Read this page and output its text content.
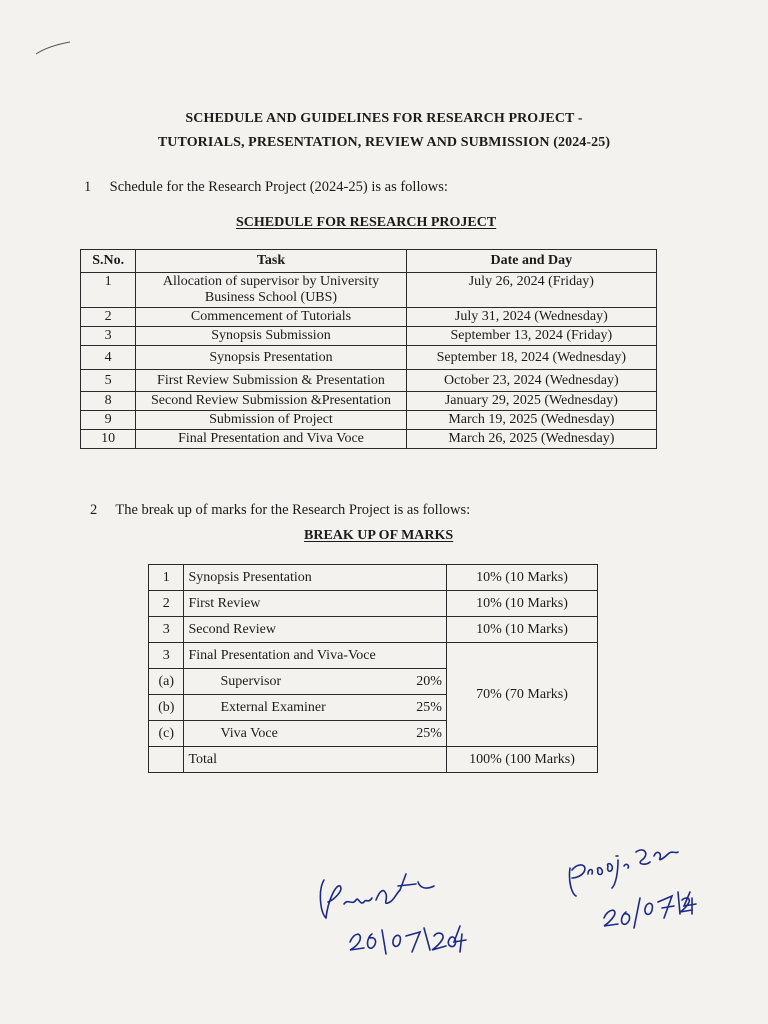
SCHEDULE AND GUIDELINES FOR RESEARCH PROJECT -
TUTORIALS, PRESENTATION, REVIEW AND SUBMISSION (2024-25)
1 Schedule for the Research Project (2024-25) is as follows:
SCHEDULE FOR RESEARCH PROJECT
S.No.	Task	Date and Day
1	Allocation of supervisor by University Business School (UBS)	July 26, 2024 (Friday)
2	Commencement of Tutorials	July 31, 2024 (Wednesday)
3	Synopsis Submission	September 13, 2024 (Friday)
4	Synopsis Presentation	September 18, 2024 (Wednesday)
5	First Review Submission & Presentation	October 23, 2024 (Wednesday)
8	Second Review Submission &Presentation	January 29, 2025 (Wednesday)
9	Submission of Project	March 19, 2025 (Wednesday)
10	Final Presentation and Viva Voce	March 26, 2025 (Wednesday)
2 The break up of marks for the Research Project is as follows:
BREAK UP OF MARKS
1	Synopsis Presentation	10% (10 Marks)
2	First Review	10% (10 Marks)
3	Second Review	10% (10 Marks)
3	Final Presentation and Viva-Voce	70% (70 Marks)
(a)	Supervisor 20%	

(b)	External Examiner 25%	

(c)	Viva Voce 25%	

	Total	100% (100 Marks)
